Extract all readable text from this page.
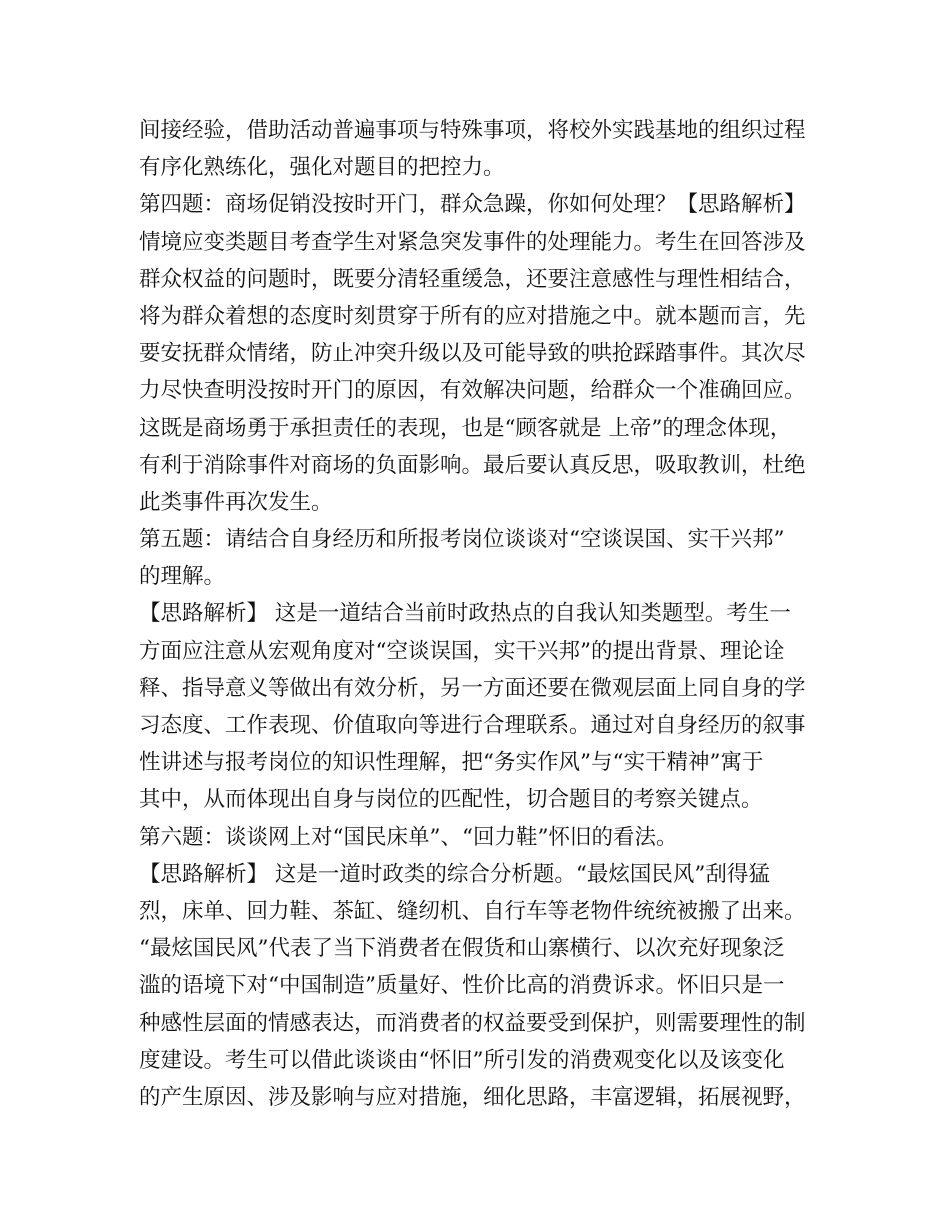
间接经验，借助活动普遍事项与特殊事项，将校外实践基地的组织过程
有序化熟练化，强化对题目的把控力。
第四题：商场促销没按时开门，群众急躁，你如何处理？【思路解析】
情境应变类题目考查学生对紧急突发事件的处理能力。考生在回答涉及
群众权益的问题时，既要分清轻重缓急，还要注意感性与理性相结合，
将为群众着想的态度时刻贯穿于所有的应对措施之中。就本题而言，先
要安抚群众情绪，防止冲突升级以及可能导致的哄抢踩踏事件。其次尽
力尽快查明没按时开门的原因，有效解决问题，给群众一个准确回应。
这既是商场勇于承担责任的表现，也是“顾客就是 上帝”的理念体现，
有利于消除事件对商场的负面影响。最后要认真反思，吸取教训，杜绝
此类事件再次发生。
第五题：请结合自身经历和所报考岗位谈谈对“空谈误国、实干兴邦”
的理解。
【思路解析】 这是一道结合当前时政热点的自我认知类题型。考生一
方面应注意从宏观角度对“空谈误国，实干兴邦”的提出背景、理论诠
释、指导意义等做出有效分析，另一方面还要在微观层面上同自身的学
习态度、工作表现、价值取向等进行合理联系。通过对自身经历的叙事
性讲述与报考岗位的知识性理解，把“务实作风”与“实干精神”寓于
其中，从而体现出自身与岗位的匹配性，切合题目的考察关键点。
第六题：谈谈网上对“国民床单”、“回力鞋”怀旧的看法。
【思路解析】 这是一道时政类的综合分析题。“最炫国民风”刮得猛
烈，床单、回力鞋、茶缸、缝纫机、自行车等老物件统统被搬了出来。
“最炫国民风”代表了当下消费者在假货和山寨横行、以次充好现象泛
滥的语境下对“中国制造”质量好、性价比高的消费诉求。怀旧只是一
种感性层面的情感表达，而消费者的权益要受到保护，则需要理性的制
度建设。考生可以借此谈谈由“怀旧”所引发的消费观变化以及该变化
的产生原因、涉及影响与应对措施，细化思路，丰富逻辑，拓展视野，
